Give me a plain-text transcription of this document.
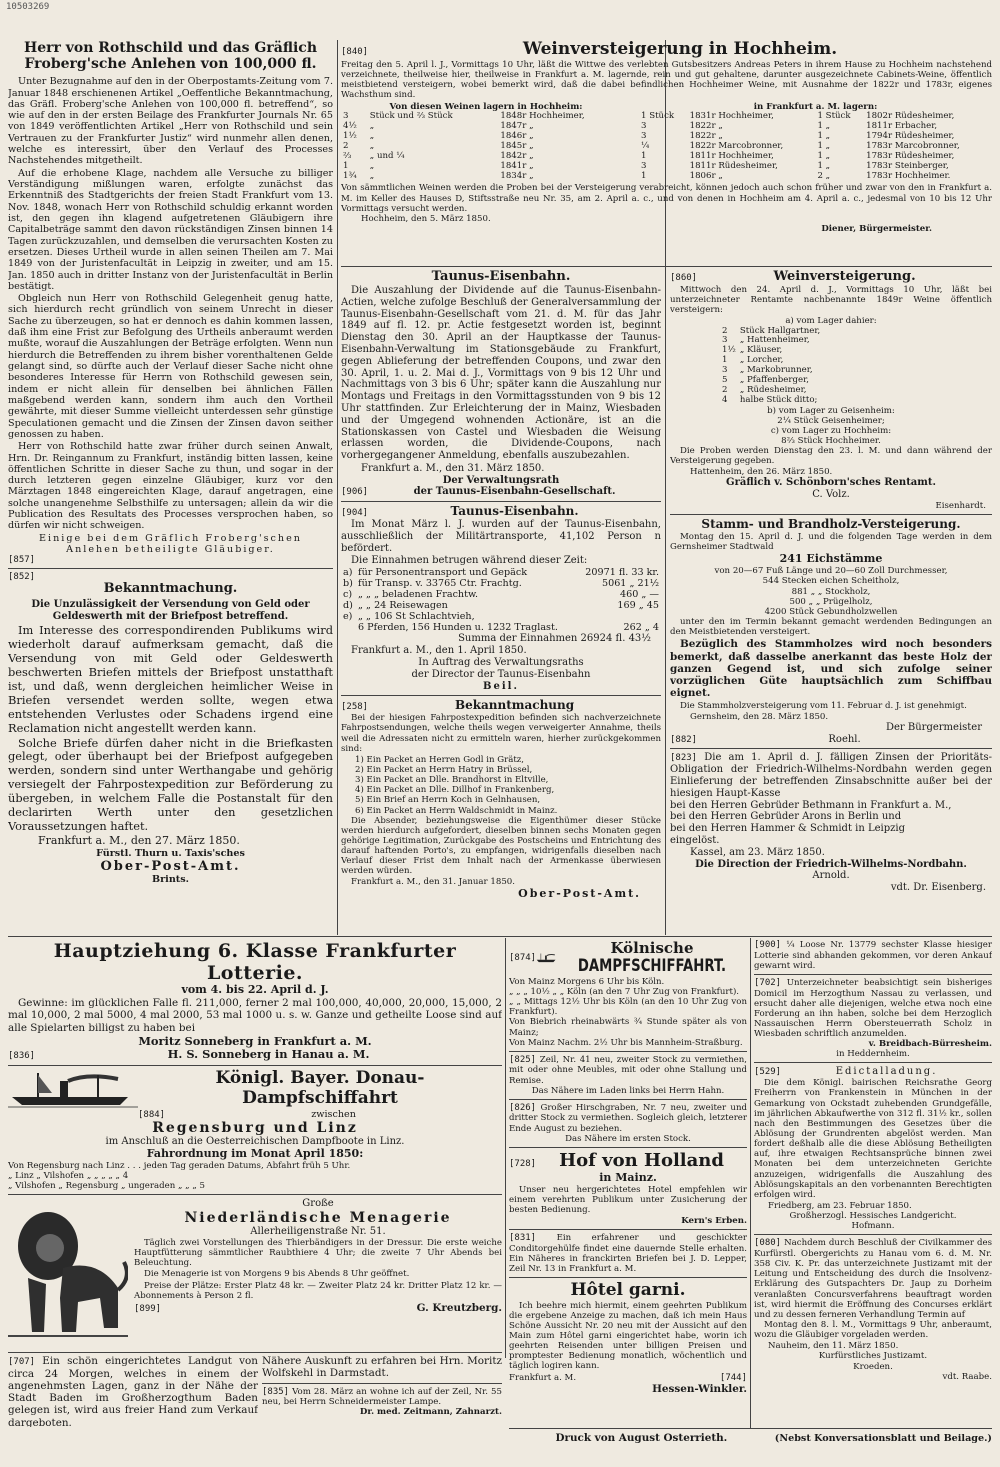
10503269
Herr von Rothschild und das Gräflich Froberg'sche Anlehen von 100,000 fl.

Unter Bezugnahme auf den in der Oberpostamts-Zeitung vom 7. Januar 1848 erschienenen Artikel „Oeffentliche Bekanntmachung, das Gräfl. Froberg'sche Anlehen von 100,000 fl. betreffend“, so wie auf den in der ersten Beilage des Frankfurter Journals Nr. 65 von 1849 veröffentlichten Artikel „Herr von Rothschild und sein Vertrauen zu der Frankfurter Justiz“ wird nunmehr allen denen, welche es interessirt, über den Verlauf des Processes Nachstehendes mitgetheilt.

Auf die erhobene Klage, nachdem alle Versuche zu billiger Verständigung mißlungen waren, erfolgte zunächst das Erkenntniß des Stadtgerichts der freien Stadt Frankfurt vom 13. Nov. 1848, wonach Herr von Rothschild schuldig erkannt worden ist, den gegen ihn klagend aufgetretenen Gläubigern ihre Capitalbeträge sammt den davon rückständigen Zinsen binnen 14 Tagen zurückzuzahlen, und demselben die verursachten Kosten zu ersetzen. Dieses Urtheil wurde in allen seinen Theilen am 7. Mai 1849 von der Juristenfacultät in Leipzig in zweiter, und am 15. Jan. 1850 auch in dritter Instanz von der Juristenfacultät in Berlin bestätigt.

Obgleich nun Herr von Rothschild Gelegenheit genug hatte, sich hierdurch recht gründlich von seinem Unrecht in dieser Sache zu überzeugen, so hat er dennoch es dahin kommen lassen, daß ihm eine Frist zur Befolgung des Urtheils anberaumt werden mußte, worauf die Auszahlungen der Beträge erfolgten. Wenn nun hierdurch die Betreffenden zu ihrem bisher vorenthaltenen Gelde gelangt sind, so dürfte auch der Verlauf dieser Sache nicht ohne besonderes Interesse für Herrn von Rothschild gewesen sein, indem er nicht allein für denselben bei ähnlichen Fällen maßgebend werden kann, sondern ihm auch den Vortheil gewährte, mit dieser Summe vielleicht unterdessen sehr günstige Speculationen gemacht und die Zinsen der Zinsen davon seither genossen zu haben.

Herr von Rothschild hatte zwar früher durch seinen Anwalt, Hrn. Dr. Reingannum zu Frankfurt, inständig bitten lassen, keine öffentlichen Schritte in dieser Sache zu thun, und sogar in der durch letzteren gegen einzelne Gläubiger, kurz vor den Märztagen 1848 eingereichten Klage, darauf angetragen, eine solche unangenehme Selbsthilfe zu untersagen; allein da wir die Publication des Resultats des Processes versprochen haben, so dürfen wir nicht schweigen.

Einige bei dem Gräflich Froberg'schen
Anlehen betheiligte Gläubiger.
[857]
[852]
Bekanntmachung.
Die Unzulässigkeit der Versendung von Geld oder Geldeswerth mit der Briefpost betreffend.

Im Interesse des correspondirenden Publikums wird wiederholt darauf aufmerksam gemacht, daß die Versendung von mit Geld oder Geldeswerth beschwerten Briefen mittels der Briefpost unstatthaft ist, und daß, wenn dergleichen heimlicher Weise in Briefen versendet werden sollte, wegen etwa entstehenden Verlustes oder Schadens irgend eine Reclamation nicht angestellt werden kann.

Solche Briefe dürfen daher nicht in die Briefkasten gelegt, oder überhaupt bei der Briefpost aufgegeben werden, sondern sind unter Werthangabe und gehörig versiegelt der Fahrpostexpedition zur Beförderung zu übergeben, in welchem Falle die Postanstalt für den declarirten Werth unter den gesetzlichen Voraussetzungen haftet.

Frankfurt a. M., den 27. März 1850.
Fürstl. Thurn u. Taxis'sches
Ober-Post-Amt.
Brints.
[840]	Weinversteigerung in Hochheim.
Freitag den 5. April l. J., Vormittags 10 Uhr, läßt die Wittwe des verlebten Gutsbesitzers Andreas Peters in ihrem Hause zu Hochheim nachstehend verzeichnete, theilweise hier, theilweise in Frankfurt a. M. lagernde, rein und gut gehaltene, darunter ausgezeichnete Cabinets-Weine, öffentlich meistbietend versteigern, wobei bemerkt wird, daß die dabei befindlichen Hochheimer Weine, mit Ausnahme der 1822r und 1783r, eigenes Wachsthum sind.
Von diesen Weinen lagern in Hochheim:
3	Stück und ⅔ Stück	1848r Hochheimer,
4½	„	1847r „
1½	„	1846r „
2	„	1845r „
⅔	„ und ¼	1842r „
1	„	1841r „
1¾	„	1834r „
in Frankfurt a. M. lagern:
1 Stück	1831r Hochheimer,	1 Stück	1802r Rüdesheimer,
3	1822r „	1 „	1811r Erbacher,
3	1822r „	1 „	1794r Rüdesheimer,
¼	1822r Marcobronner,	1 „	1783r Marcobronner,
1	1811r Hochheimer,	1 „	1783r Rüdesheimer,
3	1811r Rüdesheimer,	1 „	1783r Steinberger,
1	1806r „	2 „	1783r Hochheimer.
Von sämmtlichen Weinen werden die Proben bei der Versteigerung verabreicht, können jedoch auch schon früher und zwar von den in Frankfurt a. M. im Keller des Hauses D, Stiftsstraße neu Nr. 35, am 2. April a. c., und von denen in Hochheim am 4. April a. c., jedesmal von 10 bis 12 Uhr Vormittags versucht werden.
Hochheim, den 5. März 1850.
Diener, Bürgermeister.
Taunus-Eisenbahn.

Die Auszahlung der Dividende auf die Taunus-Eisenbahn-Actien, welche zufolge Beschluß der Generalversammlung der Taunus-Eisenbahn-Gesellschaft vom 21. d. M. für das Jahr 1849 auf fl. 12. pr. Actie festgesetzt worden ist, beginnt Dienstag den 30. April an der Hauptkasse der Taunus-Eisenbahn-Verwaltung im Stationsgebäude zu Frankfurt, gegen Ablieferung der betreffenden Coupons, und zwar den 30. April, 1. u. 2. Mai d. J., Vormittags von 9 bis 12 Uhr und Nachmittags von 3 bis 6 Uhr; später kann die Auszahlung nur Montags und Freitags in den Vormittagsstunden von 9 bis 12 Uhr stattfinden. Zur Erleichterung der in Mainz, Wiesbaden und der Umgegend wohnenden Actionäre, ist an die Stationskassen von Castel und Wiesbaden die Weisung erlassen worden, die Dividende-Coupons, nach vorhergegangener Anmeldung, ebenfalls auszubezahlen.

Frankfurt a. M., den 31. März 1850.
Der Verwaltungsrath
[906]	der Taunus-Eisenbahn-Gesellschaft.
[904]	Taunus-Eisenbahn.

Im Monat März l. J. wurden auf der Taunus-Eisenbahn, ausschließlich der Militärtransporte, 41,102 Person n befördert.

Die Einnahmen betrugen während dieser Zeit:
a)	für Personentransport und Gepäck	20971 fl. 33 kr.
b)	für Transp. v. 33765 Ctr. Frachtg.	5061 „ 21½
c)	„ „ „ beladenen Frachtw.	460 „ —
d)	„ „ 24 Reisewagen	169 „ 45
e)	„ „ 106 St Schlachtvieh,	
	6 Pferden, 156 Hunden u. 1232 Traglast.	262 „ 4
Summa der Einnahmen 26924 fl. 43½
Frankfurt a. M., den 1. April 1850.
In Auftrag des Verwaltungsraths
der Director der Taunus-Eisenbahn
Beil.
[258]	Bekanntmachung

Bei der hiesigen Fahrpostexpedition befinden sich nachverzeichnete Fahrpostsendungen, welche theils wegen verweigerter Annahme, theils weil die Adressaten nicht zu ermitteln waren, hierher zurückgekommen sind:

1) Ein Packet an Herren Godl in Grätz,
2) Ein Packet an Herrn Hatry in Brüssel,
3) Ein Packet an Dlle. Brandhorst in Eltville,
4) Ein Packet an Dlle. Dillhof in Frankenberg,
5) Ein Brief an Herrn Koch in Gelnhausen,
6) Ein Packet an Herrn Waldschmidt in Mainz.

Die Absender, beziehungsweise die Eigenthümer dieser Stücke werden hierdurch aufgefordert, dieselben binnen sechs Monaten gegen gehörige Legitimation, Zurückgabe des Postscheins und Entrichtung des darauf haftenden Porto's, zu empfangen, widrigenfalls dieselben nach Verlauf dieser Frist dem Inhalt nach der Armenkasse überwiesen werden würden.

Frankfurt a. M., den 31. Januar 1850.
Ober-Post-Amt.
[860]	Weinversteigerung.

Mittwoch den 24. April d. J., Vormittags 10 Uhr, läßt bei unterzeichneter Rentamte nachbenannte 1849r Weine öffentlich versteigern:

a) vom Lager dahier:
2	Stück Hallgartner,
3	„ Hattenheimer,
1½	„ Kläuser,
1	„ Lorcher,
3	„ Markobrunner,
5	„ Pfaffenberger,
2	„ Rüdesheimer,
4	halbe Stück ditto;
b) vom Lager zu Geisenheim:
2¼ Stück Geisenheimer;
c) vom Lager zu Hochheim:
8⅔ Stück Hochheimer.

Die Proben werden Dienstag den 23. l. M. und dann während der Versteigerung gegeben.

Hattenheim, den 26. März 1850.
Gräflich v. Schönborn'sches Rentamt.
C. Volz.
Eisenhardt.
Stamm- und Brandholz-Versteigerung.

Montag den 15. April d. J. und die folgenden Tage werden in dem Gernsheimer Stadtwald

241 Eichstämme
von 20—67 Fuß Länge und 20—60 Zoll Durchmesser,
544 Stecken eichen Scheitholz,
881 „ „ Stockholz,
500 „ „ Prügelholz,
4200 Stück Gebundholzwellen

unter den im Termin bekannt gemacht werdenden Bedingungen an den Meistbietenden versteigert.

Bezüglich des Stammholzes wird noch besonders bemerkt, daß dasselbe anerkannt das beste Holz der ganzen Gegend ist, und sich zufolge seiner vorzüglichen Güte hauptsächlich zum Schiffbau eignet.

Die Stammholzversteigerung vom 11. Februar d. J. ist genehmigt.

Gernsheim, den 28. März 1850.
Der Bürgermeister
[882]	Roehl.
[823] Die am 1. April d. J. fälligen Zinsen der Prioritäts-Obligation der Friedrich-Wilhelms-Nordbahn werden gegen Einlieferung der betreffenden Zinsabschnitte außer bei der hiesigen Haupt-Kasse
bei den Herren Gebrüder Bethmann in Frankfurt a. M.,
bei den Herren Gebrüder Arons in Berlin und
bei den Herren Hammer & Schmidt in Leipzig
eingelöst.
Kassel, am 23. März 1850.
Die Direction der Friedrich-Wilhelms-Nordbahn.
Arnold.
vdt. Dr. Eisenberg.
Hauptziehung 6. Klasse Frankfurter Lotterie.
vom 4. bis 22. April d. J.

Gewinne: im glücklichen Falle fl. 211,000, ferner 2 mal 100,000, 40,000, 20,000, 15,000, 2 mal 10,000, 2 mal 5000, 4 mal 2000, 53 mal 1000 u. s. w. Ganze und getheilte Loose sind auf alle Spielarten billigst zu haben bei

Moritz Sonneberg in Frankfurt a. M.
[836]	H. S. Sonneberg in Hanau a. M.
Königl. Bayer. Donau-Dampfschiffahrt
[884]	zwischen
Regensburg und Linz
im Anschluß an die Oesterreichischen Dampfboote in Linz.
Fahrordnung im Monat April 1850:
Von Regensburg nach Linz . . . jeden Tag geraden Datums, Abfahrt früh 5 Uhr.
„ Linz „ Vilshofen „ „ „ „ „ 4
„ Vilshofen „ Regensburg „ ungeraden „ „ „ 5
Große
Niederländische Menagerie
Allerheiligenstraße Nr. 51.

Täglich zwei Vorstellungen des Thierbändigers in der Dressur. Die erste weiche Hauptfütterung sämmtlicher Raubthiere 4 Uhr; die zweite 7 Uhr Abends bei Beleuchtung.

Die Menagerie ist von Morgens 9 bis Abends 8 Uhr geöffnet.

Preise der Plätze: Erster Platz 48 kr. — Zweiter Platz 24 kr. Dritter Platz 12 kr. — Abonnements à Person 2 fl.

[899]	G. Kreutzberg.
[707] Ein schön eingerichtetes Landgut von circa 24 Morgen, welches in einem der angenehmsten Lagen, ganz in der Nähe der Stadt Baden im Großherzogthum Baden gelegen ist, wird aus freier Hand zum Verkauf dargeboten.
Nähere Auskunft zu erfahren bei Hrn. Moritz Wolfskehl in Darmstadt.
[835] Vom 28. März an wohne ich auf der Zeil, Nr. 55 neu, bei Herrn Schneidermeister Lampe.
Dr. med. Zeitmann, Zahnarzt.
[874]
Kölnische
DAMPFSCHIFFAHRT.
Von Mainz Morgens 6 Uhr bis Köln.
„ „ „ 10½ „ „ Köln (an den 7 Uhr Zug von Frankfurt).
„ „ Mittags 12½ Uhr bis Köln (an den 10 Uhr Zug von Frankfurt).
Von Biebrich rheinabwärts ¾ Stunde später als von Mainz;
Von Mainz Nachm. 2½ Uhr bis Mannheim-Straßburg.
[825] Zeil, Nr. 41 neu, zweiter Stock zu vermiethen, mit oder ohne Meubles, mit oder ohne Stallung und Remise.
Das Nähere im Laden links bei Herrn Hahn.
[826] Großer Hirschgraben, Nr. 7 neu, zweiter und dritter Stock zu vermiethen. Sogleich gleich, letzterer Ende August zu beziehen.
Das Nähere im ersten Stock.
[728]	Hof von Holland
in Mainz.

Unser neu hergerichtetes Hotel empfehlen wir einem verehrten Publikum unter Zusicherung der besten Bedienung.

Kern's Erben.
[831] Ein erfahrener und geschickter Conditorgehülfe findet eine dauernde Stelle erhalten. Ein Näheres in franckirten Briefen bei J. D. Lepper, Zeil Nr. 13 in Frankfurt a. M.
Hôtel garni.

Ich beehre mich hiermit, einem geehrten Publikum die ergebene Anzeige zu machen, daß ich mein Haus Schöne Aussicht Nr. 20 neu mit der Aussicht auf den Main zum Hôtel garni eingerichtet habe, worin ich geehrten Reisenden unter billigen Preisen und promptester Bedienung monatlich, wöchentlich und täglich logiren kann.

Frankfurt a. M.	[744]
Hessen-Winkler.
[900] ¼ Loose Nr. 13779 sechster Klasse hiesiger Lotterie sind abhanden gekommen, vor deren Ankauf gewarnt wird.
[702] Unterzeichneter beabsichtigt sein bisheriges Domicil im Herzogthum Nassau zu verlassen, und ersucht daher alle diejenigen, welche etwa noch eine Forderung an ihn haben, solche bei dem Herzoglich Nassauischen Herrn Obersteuerrath Scholz in Wiesbaden schriftlich anzumelden.
v. Breidbach-Bürresheim.
in Heddernheim.
[529]	Edictalladung.

Die dem Königl. bairischen Reichsrathe Georg Freiherrn von Frankenstein in München in der Gemarkung von Ockstadt zuhebenden Grundgefälle, im jährlichen Abkaufwerthe von 312 fl. 31½ kr., sollen nach den Bestimmungen des Gesetzes über die Ablösung der Grundrenten abgelöst werden. Man fordert deßhalb alle die diese Ablösung Betheiligten auf, ihre etwaigen Rechtsansprüche binnen zwei Monaten bei dem unterzeichneten Gerichte anzuzeigen, widrigenfalls die Auszahlung des Ablösungskapitals an den vorbenannten Berechtigten erfolgen wird.

Friedberg, am 23. Februar 1850.
Großherzogl. Hessisches Landgericht.
Hofmann.
[080] Nachdem durch Beschluß der Civilkammer des Kurfürstl. Obergerichts zu Hanau vom 6. d. M. Nr. 358 Civ. K. Pr. das unterzeichnete Justizamt mit der Leitung und Entscheidung des durch die Insolvenz-Erklärung des Gutspachters Dr. Jaup zu Dorheim veranlaßten Concursverfahrens beauftragt worden ist, wird hiermit die Eröffnung des Concurses erklärt und zu dessen ferneren Verhandlung Termin auf

Montag den 8. l. M., Vormittags 9 Uhr, anberaumt, wozu die Gläubiger vorgeladen werden.

Nauheim, den 11. März 1850.
Kurfürstliches Justizamt.
Kroeden.
vdt. Raabe.
Druck von August Osterrieth.	(Nebst Konversationsblatt und Beilage.)
